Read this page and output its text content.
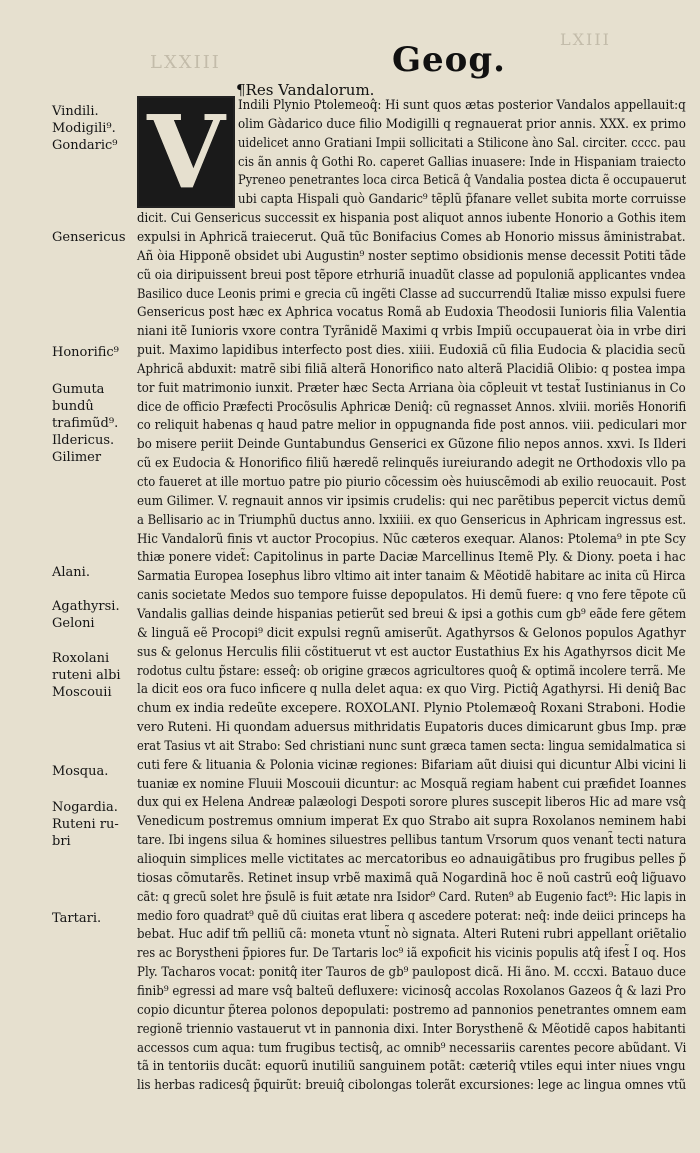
LXIII
LXXIII	Geog.
¶Res Vandalorum.
V
Vindili.
Modigili⁹.
Gondaric⁹
Gensericus
Honorific⁹
Gumuta
bundû
trafimũd⁹.
Ildericus.
Gilimer
Alani.
Agathyrsi.
Geloni
Roxolani
ruteni albi
Moscouii
Mosqua.
Nogardia.
Ruteni ru-
bri
Tartari.
Indili Plynio Ptolemeoq̂: Hi sunt quos ætas posterior Vandalos appellauit:q
olim Gàdarico duce filio Modigilli q regnauerat prior annis. XXX. ex primo
uidelicet anno Gratiani Impii sollicitati a Stilicone àno Sal. circiter. cccc. pau
cis ãn annis q̂ Gothi Ro. caperet Gallias inuasere: Inde in Hispaniam traiecto
Pyreneo penetrantes loca circa Beticã q̂ Vandalia postea dicta ẽ occupauerut
ubi capta Hispali quò Gandaric⁹ tẽplũ p̃fanare vellet subita morte corruisse
dicit. Cui Gensericus successit ex hispania post aliquot annos iubente Honorio a Gothis item
expulsi in Aphricã traiecerut. Quã tũc Bonifacius Comes ab Honorio missus ãministrabat.
Añ òia Hipponẽ obsidet ubi Augustin⁹ noster septimo obsidionis mense decessit Potiti tãde
cũ oia diripuissent breui post tẽpore etrhuriã inuadũt classe ad populoniã applicantes vndea
Basilico duce Leonis primi e grecia cũ ingẽti Classe ad succurrendũ Italiæ misso expulsi fuere
Gensericus post hæc ex Aphrica vocatus Romã ab Eudoxia Theodosii Iunioris filia Valentia
niani itẽ Iunioris vxore contra Tyrãnidẽ Maximi q vrbis Impiũ occupauerat òia in vrbe diri
puit. Maximo lapidibus interfecto post dies. xiiii. Eudoxiã cũ filia Eudocia & placidia secũ
Aphricã abduxit: matrẽ sibi filiã alterã Honorifico nato alterã Placidiã Olibio: q postea impa
tor fuit matrimonio iunxit. Præter hæc Secta Arriana òia cõpleuit vt testat̃ Iustinianus in Co
dice de officio Præfecti Procõsulis Aphricæ Deniq̂: cũ regnasset Annos. xlviii. moriẽs Honorifi
co reliquit habenas q haud patre melior in oppugnanda fide post annos. viii. pediculari mor
bo misere periit Deinde Guntabundus Genserici ex Gũzone filio nepos annos. xxvi. Is Ilderi
cũ ex Eudocia & Honorifico filiũ hæredẽ relinquẽs iureiurando adegit ne Orthodoxis vllo pa
cto faueret at ille mortuo patre pio piurio cõcessim oès huiuscẽmodi ab exilio reuocauit. Post
eum Gilimer. V. regnauit annos vir ipsimis crudelis: qui nec parẽtibus pepercit victus demũ
a Bellisario ac in Triumphũ ductus anno. lxxiiii. ex quo Gensericus in Aphricam ingressus est.
Hic Vandalorũ finis vt auctor Procopius. Nũc cæteros exequar. Alanos: Ptolema⁹ in pte Scy
thiæ ponere videt̃: Capitolinus in parte Daciæ Marcellinus Itemẽ Ply. & Diony. poeta i hac
Sarmatia Europea Iosephus libro vltimo ait inter tanaim & Mẽotidẽ habitare ac inita cũ Hirca
canis societate Medos suo tempore fuisse depopulatos. Hi demũ fuere: q vno fere tẽpote cũ
Vandalis gallias deinde hispanias petierũt sed breui & ipsi a gothis cum gb⁹ eãde fere gẽtem
& linguã eẽ Procopi⁹ dicit expulsi regnũ amiserũt. Agathyrsos & Gelonos populos Agathyr
sus & gelonus Herculis filii cõstituerut vt est auctor Eustathius Ex his Agathyrsos dicit Me
rodotus cultu p̃stare: esseq̂: ob origine græcos agricultores quoq̂ & optimã incolere terrã. Me
la dicit eos ora fuco inficere q nulla delet aqua: ex quo Virg. Pictiq̂ Agathyrsi. Hi deniq̂ Bac
chum ex india redeũte excepere. ROXOLANI. Plynio Ptolemæoq̂ Roxani Straboni. Hodie
vero Ruteni. Hi quondam aduersus mithridatis Eupatoris duces dimicarunt gbus Imp. præ
erat Tasius vt ait Strabo: Sed christiani nunc sunt græca tamen secta: lingua semidalmatica si
cuti fere & lituania & Polonia vicinæ regiones: Bifariam aũt diuisi qui dicuntur Albi vicini li
tuaniæ ex nomine Fluuii Moscouii dicuntur: ac Mosquã regiam habent cui præfidet Ioannes
dux qui ex Helena Andreæ palæologi Despoti sorore plures suscepit liberos Hic ad mare vsq̂
Venedicum postremus omnium imperat Ex quo Strabo ait supra Roxolanos neminem habi
tare. Ibi ingens silua & homines siluestres pellibus tantum Vrsorum quos venant̃ tecti natura
alioquin simplices melle victitates ac mercatoribus eo adnauigãtibus pro frugibus pelles p̃
tiosas cõmutarẽs. Retinet insup vrbẽ maximã quã Nogardinã hoc ẽ noũ castrũ eoq̂ lig̃uavo
cãt: q grecũ solet hre p̃sulẽ is fuit ætate nra Isidor⁹ Card. Ruten⁹ ab Eugenio fact⁹: Hic lapis in
medio foro quadrat⁹ quẽ dũ ciuitas erat libera q ascedere poterat: neq̂: inde deiici princeps ha
bebat. Huc adif tm̃ pelliũ cã: moneta vtunt̃ nò signata. Alteri Ruteni rubri appellant oriẽtalio
res ac Borystheni p̃piores fur. De Tartaris loc⁹ iã expoficit his vicinis populis atq̂ ifest̃ I oq. Hos
Ply. Tacharos vocat: ponitq̂ iter Tauros de gb⁹ paulopost dicã. Hi ãno. M. cccxi. Batauo duce
finib⁹ egressi ad mare vsq̂ balteũ defluxere: vicinosq̂ accolas Roxolanos Gazeos q̂ & lazi Pro
copio dicuntur p̃terea polonos depopulati: postremo ad pannonios penetrantes omnem eam
regionẽ triennio vastauerut vt in pannonia dixi. Inter Borysthenẽ & Mẽotidẽ capos habitanti
accessos cum aqua: tum frugibus tectisq̂, ac omnib⁹ necessariis carentes pecore abũdant. Vi
tã in tentoriis ducãt: equorũ inutiliũ sanguinem potãt: cæteriq̂ vtiles equi inter niues vngu
lis herbas radicesq̂ p̃quirũt: breuiq̂ cibolongas tolerãt excursiones: lege ac lingua omnes vtũ
